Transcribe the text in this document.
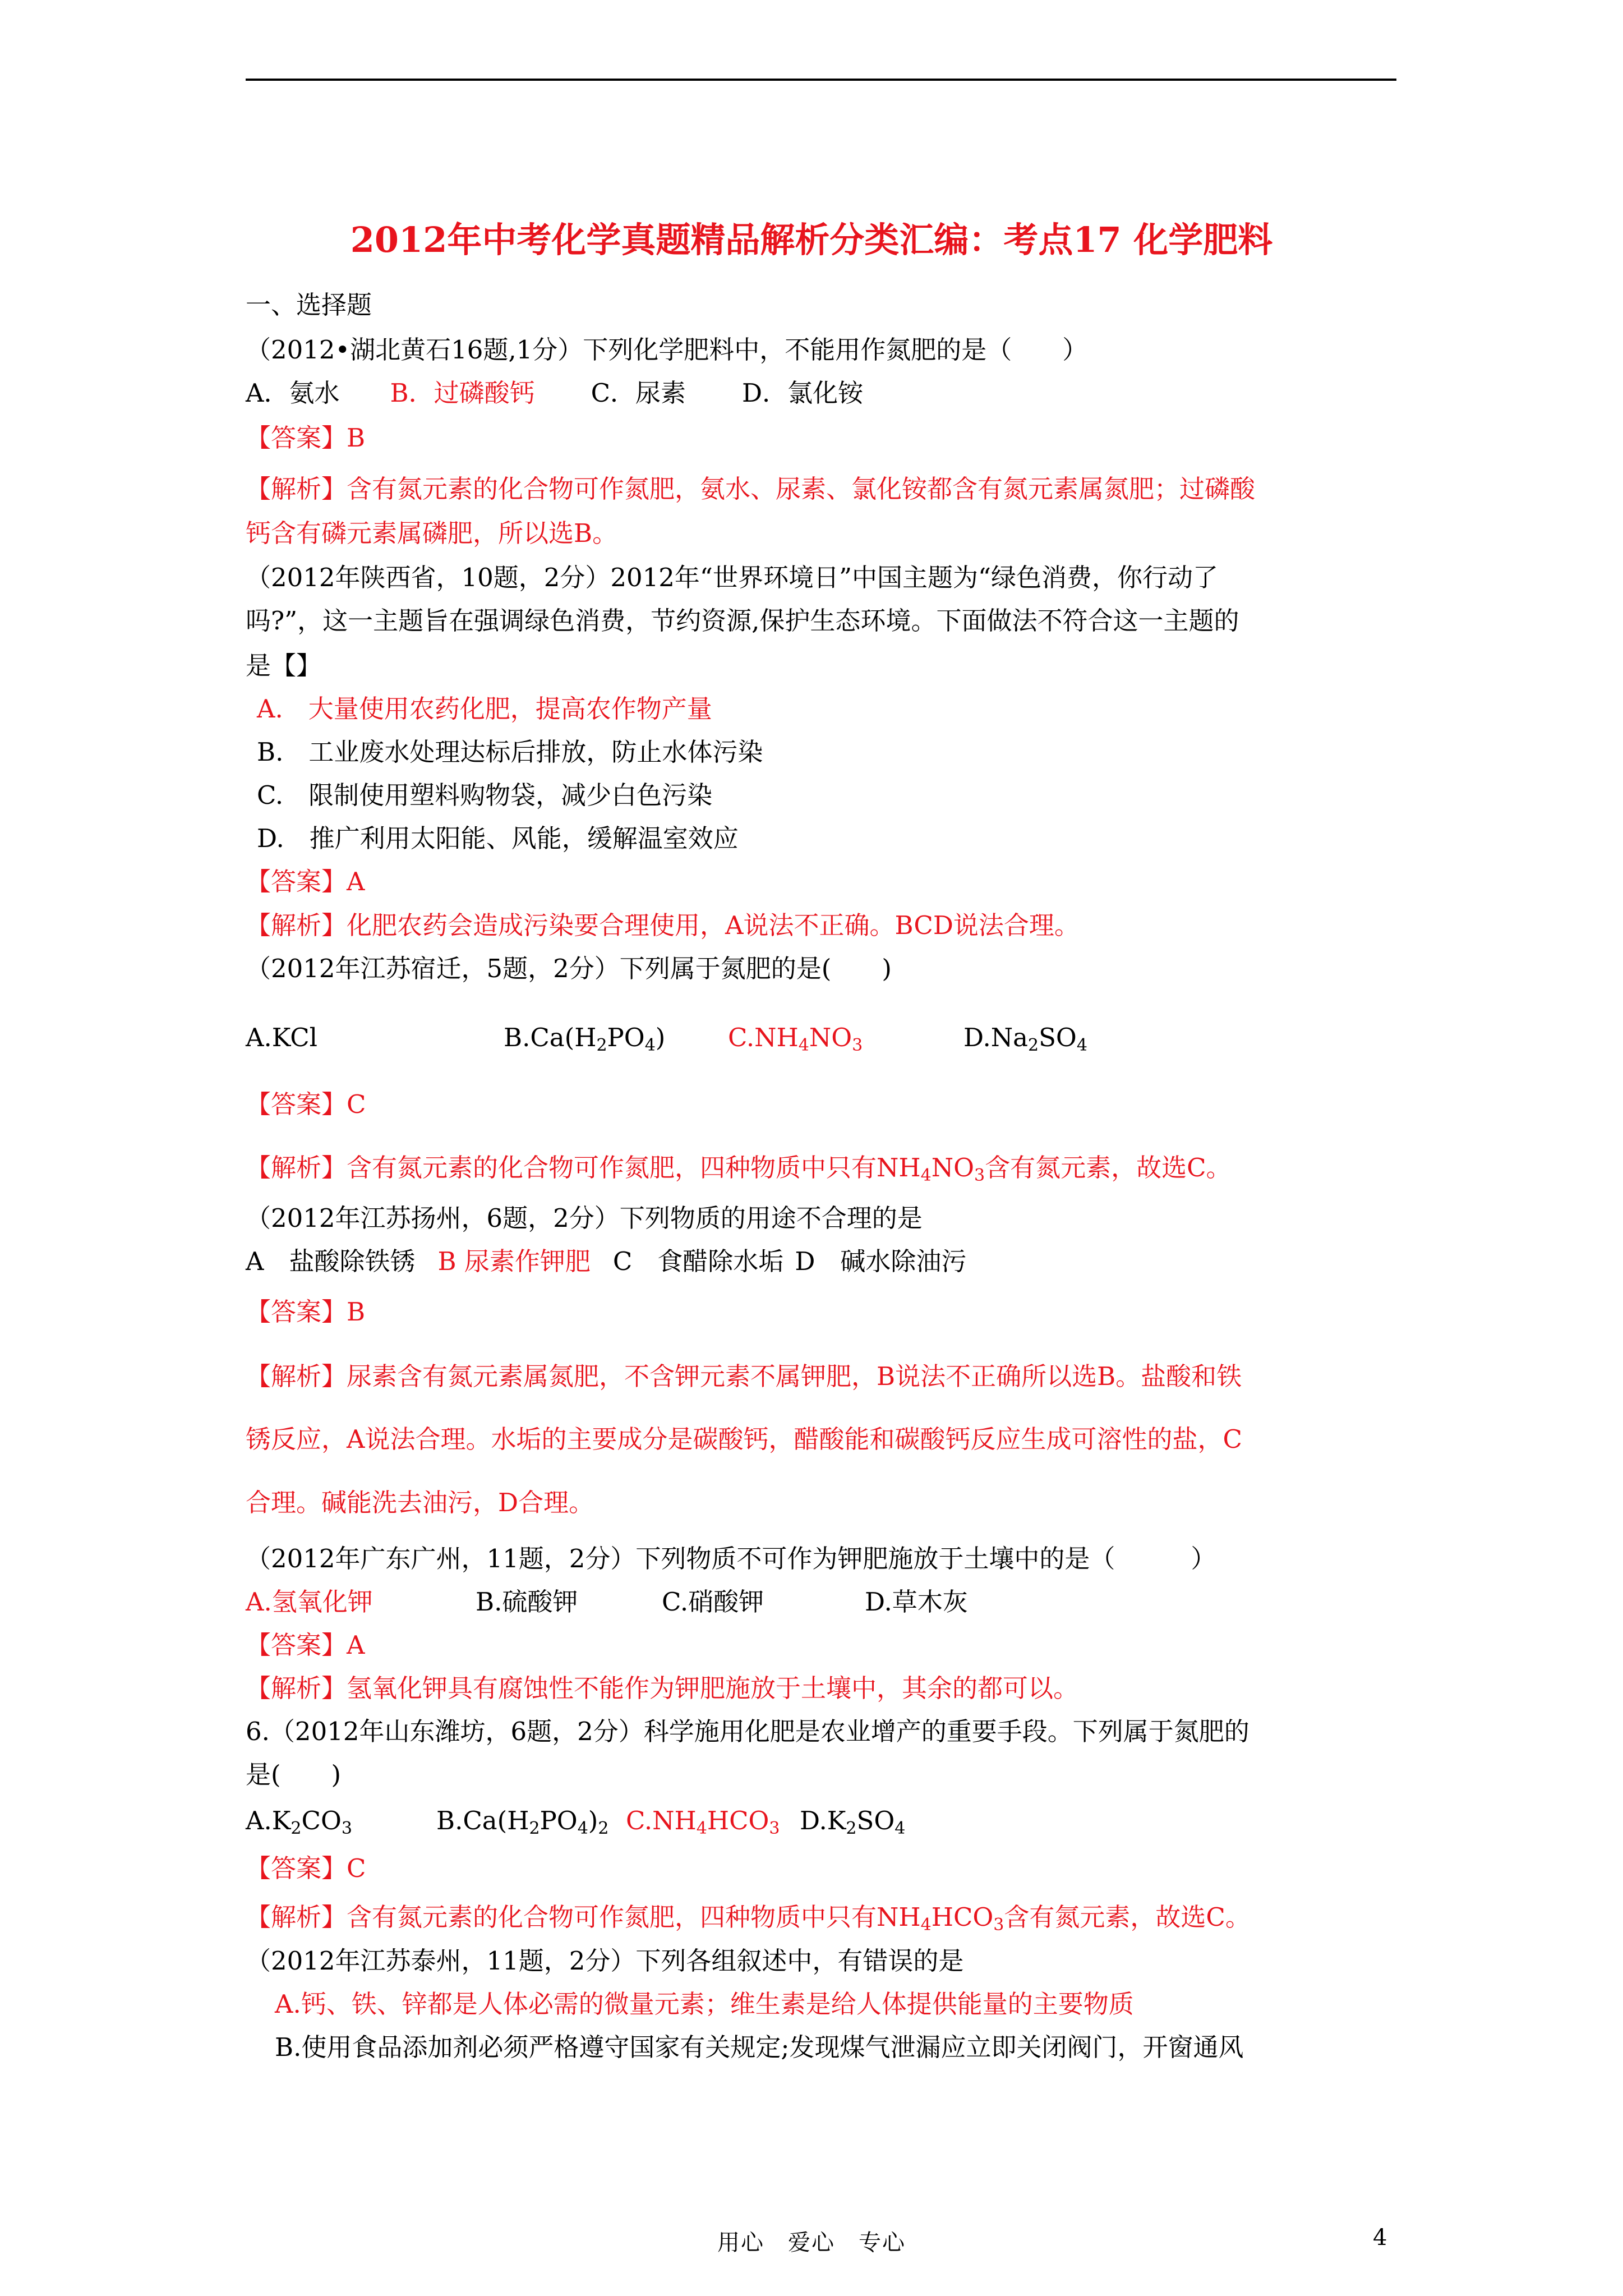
2012年中考化学真题精品解析分类汇编：考点17 化学肥料
一、选择题
（2012•湖北黄石16题,1分）下列化学肥料中，不能用作氮肥的是（　　）
A．氨水 B．过磷酸钙 C．尿素 D．氯化铵
【答案】B
【解析】含有氮元素的化合物可作氮肥，氨水、尿素、氯化铵都含有氮元素属氮肥；过磷酸
钙含有磷元素属磷肥，所以选B。
（2012年陕西省，10题，2分）2012年“世界环境日”中国主题为“绿色消费，你行动了
吗?”，这一主题旨在强调绿色消费，节约资源,保护生态环境。下面做法不符合这一主题的
是【】
A.　大量使用农药化肥，提高农作物产量
B.　工业废水处理达标后排放，防止水体污染
C.　限制使用塑料购物袋，减少白色污染
D.　推广利用太阳能、风能，缓解温室效应
【答案】A
【解析】化肥农药会造成污染要合理使用，A说法不正确。BCD说法合理。
（2012年江苏宿迁，5题，2分）下列属于氮肥的是(　　)
A.KCl	$B.Ca(H_2PO_4)$ $C.NH_4NO_3$	$D.Na_2SO_4$
【答案】C
【解析】含有氮元素的化合物可作氮肥，四种物质中只有$NH_4NO_3$含有氮元素，故选C。
（2012年江苏扬州，6题，2分）下列物质的用途不合理的是
A　盐酸除铁锈 B 尿素作钾肥 C　食醋除水垢 D　碱水除油污
【答案】B
【解析】尿素含有氮元素属氮肥，不含钾元素不属钾肥，B说法不正确所以选B。盐酸和铁
锈反应，A说法合理。水垢的主要成分是碳酸钙，醋酸能和碳酸钙反应生成可溶性的盐，C
合理。碱能洗去油污，D合理。
（2012年广东广州，11题，2分）下列物质不可作为钾肥施放于土壤中的是（　　　）
A.氢氧化钾	B.硫酸钾	C.硝酸钾	D.草木灰
【答案】A
【解析】氢氧化钾具有腐蚀性不能作为钾肥施放于土壤中，其余的都可以。
6.（2012年山东潍坊，6题，2分）科学施用化肥是农业增产的重要手段。下列属于氮肥的
是(　　)
$A.K_2CO_3$	$B.Ca(H_2PO_4)_2$ $C.NH_4HCO_3$ $D.K_2SO_4$
【答案】C
【解析】含有氮元素的化合物可作氮肥，四种物质中只有$NH_4HCO_3$含有氮元素，故选C。
（2012年江苏泰州，11题，2分）下列各组叙述中，有错误的是
A.钙、铁、锌都是人体必需的微量元素；维生素是给人体提供能量的主要物质
B.使用食品添加剂必须严格遵守国家有关规定;发现煤气泄漏应立即关闭阀门，开窗通风
用心　爱心　专心	4
